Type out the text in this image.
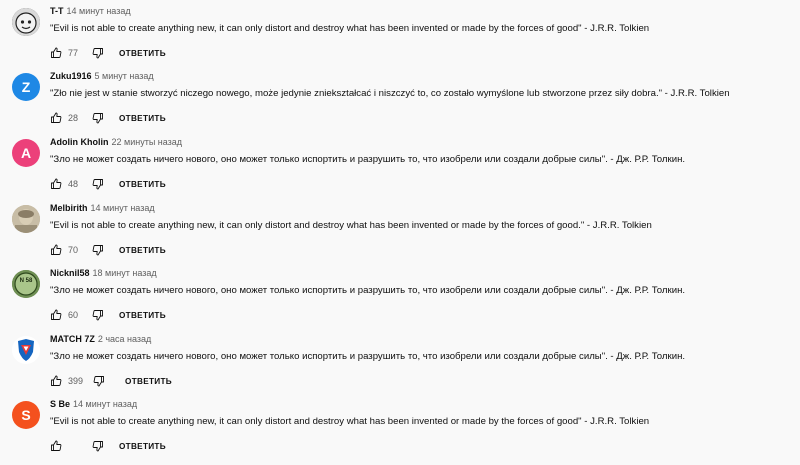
T-T 14 минут назад
"Evil is not able to create anything new, it can only distort and destroy what has been invented or made by the forces of good" - J.R.R. Tolkien
77	ОТВЕТИТЬ
Z
Zuku1916 5 минут назад
"Zło nie jest w stanie stworzyć niczego nowego, może jedynie zniekształcać i niszczyć to, co zostało wymyślone lub stworzone przez siły dobra." - J.R.R. Tolkien
28	ОТВЕТИТЬ
A
Adolin Kholin 22 минуты назад
"Зло не может создать ничего нового, оно может только испортить и разрушить то, что изобрели или создали добрые силы". - Дж. Р.Р. Толкин.
48	ОТВЕТИТЬ
Melbirith 14 минут назад
"Evil is not able to create anything new, it can only distort and destroy what has been invented or made by the forces of good." - J.R.R. Tolkien
70	ОТВЕТИТЬ
N 58
Nicknil58 18 минут назад
"Зло не может создать ничего нового, оно может только испортить и разрушить то, что изобрели или создали добрые силы". - Дж. Р.Р. Толкин.
60	ОТВЕТИТЬ
MATCH 7Z 2 часа назад
"Зло не может создать ничего нового, оно может только испортить и разрушить то, что изобрели или создали добрые силы". - Дж. Р.Р. Толкин.
399	ОТВЕТИТЬ
S
S Be 14 минут назад
"Evil is not able to create anything new, it can only distort and destroy what has been invented or made by the forces of good" - J.R.R. Tolkien
ОТВЕТИТЬ
